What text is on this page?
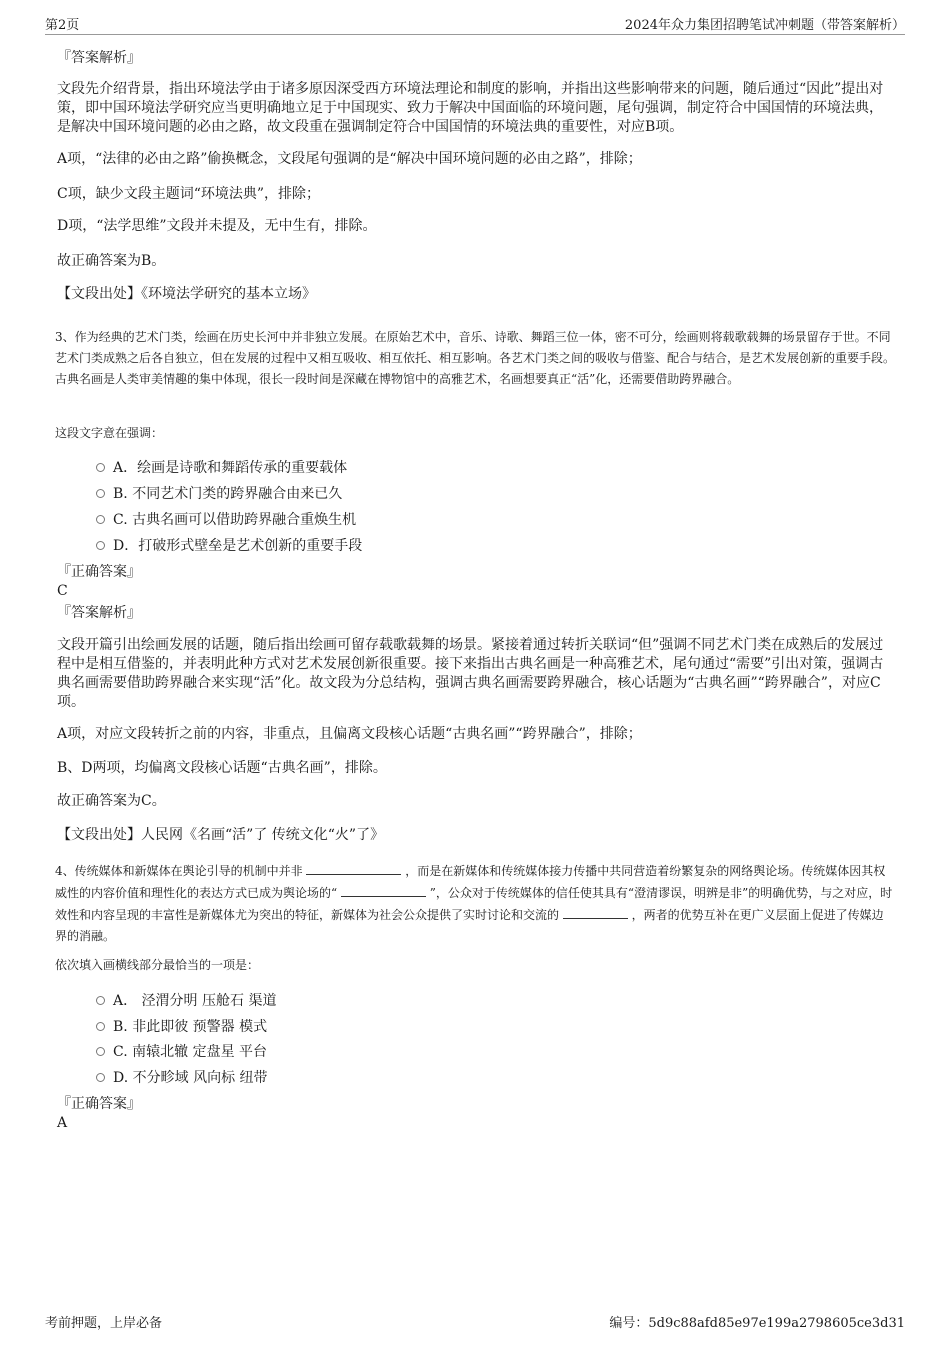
第2页	2024年众力集团招聘笔试冲刺题（带答案解析）

『答案解析』

文段先介绍背景，指出环境法学由于诸多原因深受西方环境法理论和制度的影响，并指出这些影响带来的问题，随后通过“因此”提出对策，即中国环境法学研究应当更明确地立足于中国现实、致力于解决中国面临的环境问题，尾句强调，制定符合中国国情的环境法典，是解决中国环境问题的必由之路，故文段重在强调制定符合中国国情的环境法典的重要性，对应B项。

A项，“法律的必由之路”偷换概念，文段尾句强调的是“解决中国环境问题的必由之路”，排除；

C项，缺少文段主题词“环境法典”，排除；

D项，“法学思维”文段并未提及，无中生有，排除。

故正确答案为B。

【文段出处】《环境法学研究的基本立场》

3、作为经典的艺术门类，绘画在历史长河中并非独立发展。在原始艺术中，音乐、诗歌、舞蹈三位一体，密不可分，绘画则将载歌载舞的场景留存于世。不同艺术门类成熟之后各自独立，但在发展的过程中又相互吸收、相互依托、相互影响。各艺术门类之间的吸收与借鉴、配合与结合，是艺术发展创新的重要手段。古典名画是人类审美情趣的集中体现，很长一段时间是深藏在博物馆中的高雅艺术，名画想要真正“活”化，还需要借助跨界融合。

这段文字意在强调：

A．绘画是诗歌和舞蹈传承的重要载体
B. 不同艺术门类的跨界融合由来已久
C. 古典名画可以借助跨界融合重焕生机
D．打破形式壁垒是艺术创新的重要手段

『正确答案』

C

『答案解析』

文段开篇引出绘画发展的话题，随后指出绘画可留存载歌载舞的场景。紧接着通过转折关联词“但”强调不同艺术门类在成熟后的发展过程中是相互借鉴的，并表明此种方式对艺术发展创新很重要。接下来指出古典名画是一种高雅艺术，尾句通过“需要”引出对策，强调古典名画需要借助跨界融合来实现“活”化。故文段为分总结构，强调古典名画需要跨界融合，核心话题为“古典名画”“跨界融合”，对应C项。

A项，对应文段转折之前的内容，非重点，且偏离文段核心话题“古典名画”“跨界融合”，排除；

B、D两项，均偏离文段核心话题“古典名画”，排除。

故正确答案为C。

【文段出处】人民网《名画“活”了 传统文化“火”了》

4、传统媒体和新媒体在舆论引导的机制中并非	，而是在新媒体和传统媒体接力传播中共同营造着纷繁复杂的网络舆论场。传统媒体因其权威性的内容价值和理性化的表达方式已成为舆论场的“	”，公众对于传统媒体的信任使其具有“澄清谬误，明辨是非”的明确优势，与之对应，时效性和内容呈现的丰富性是新媒体尤为突出的特征，新媒体为社会公众提供了实时讨论和交流的	，两者的优势互补在更广义层面上促进了传媒边界的消融。

依次填入画横线部分最恰当的一项是：

A． 泾渭分明 压舱石 渠道
B. 非此即彼 预警器 模式
C. 南辕北辙 定盘星 平台
D. 不分畛域 风向标 纽带

『正确答案』

A

考前押题，上岸必备	编号：5d9c88afd85e97e199a2798605ce3d31
